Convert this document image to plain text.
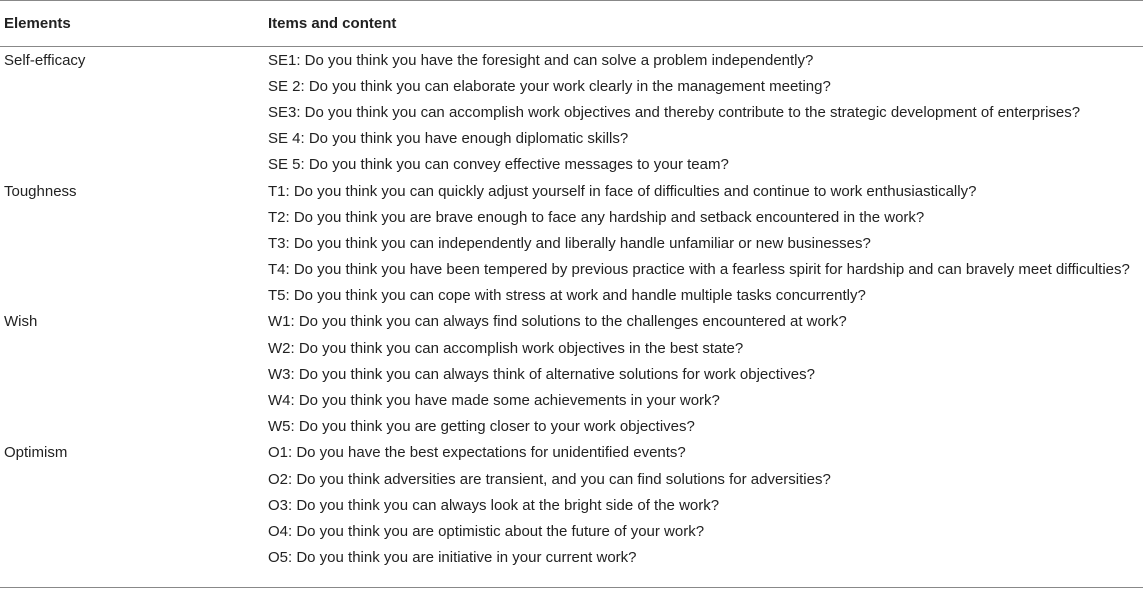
Elements	Items and content
Self-efficacy	SE1: Do you think you have the foresight and can solve a problem independently?
	SE 2: Do you think you can elaborate your work clearly in the management meeting?
	SE3: Do you think you can accomplish work objectives and thereby contribute to the strategic development of enterprises?
	SE 4: Do you think you have enough diplomatic skills?
	SE 5: Do you think you can convey effective messages to your team?
Toughness	T1: Do you think you can quickly adjust yourself in face of difficulties and continue to work enthusiastically?
	T2: Do you think you are brave enough to face any hardship and setback encountered in the work?
	T3: Do you think you can independently and liberally handle unfamiliar or new businesses?
	T4: Do you think you have been tempered by previous practice with a fearless spirit for hardship and can bravely meet difficulties?
	T5: Do you think you can cope with stress at work and handle multiple tasks concurrently?
Wish	W1: Do you think you can always find solutions to the challenges encountered at work?
	W2: Do you think you can accomplish work objectives in the best state?
	W3: Do you think you can always think of alternative solutions for work objectives?
	W4: Do you think you have made some achievements in your work?
	W5: Do you think you are getting closer to your work objectives?
Optimism	O1: Do you have the best expectations for unidentified events?
	O2: Do you think adversities are transient, and you can find solutions for adversities?
	O3: Do you think you can always look at the bright side of the work?
	O4: Do you think you are optimistic about the future of your work?
	O5: Do you think you are initiative in your current work?
